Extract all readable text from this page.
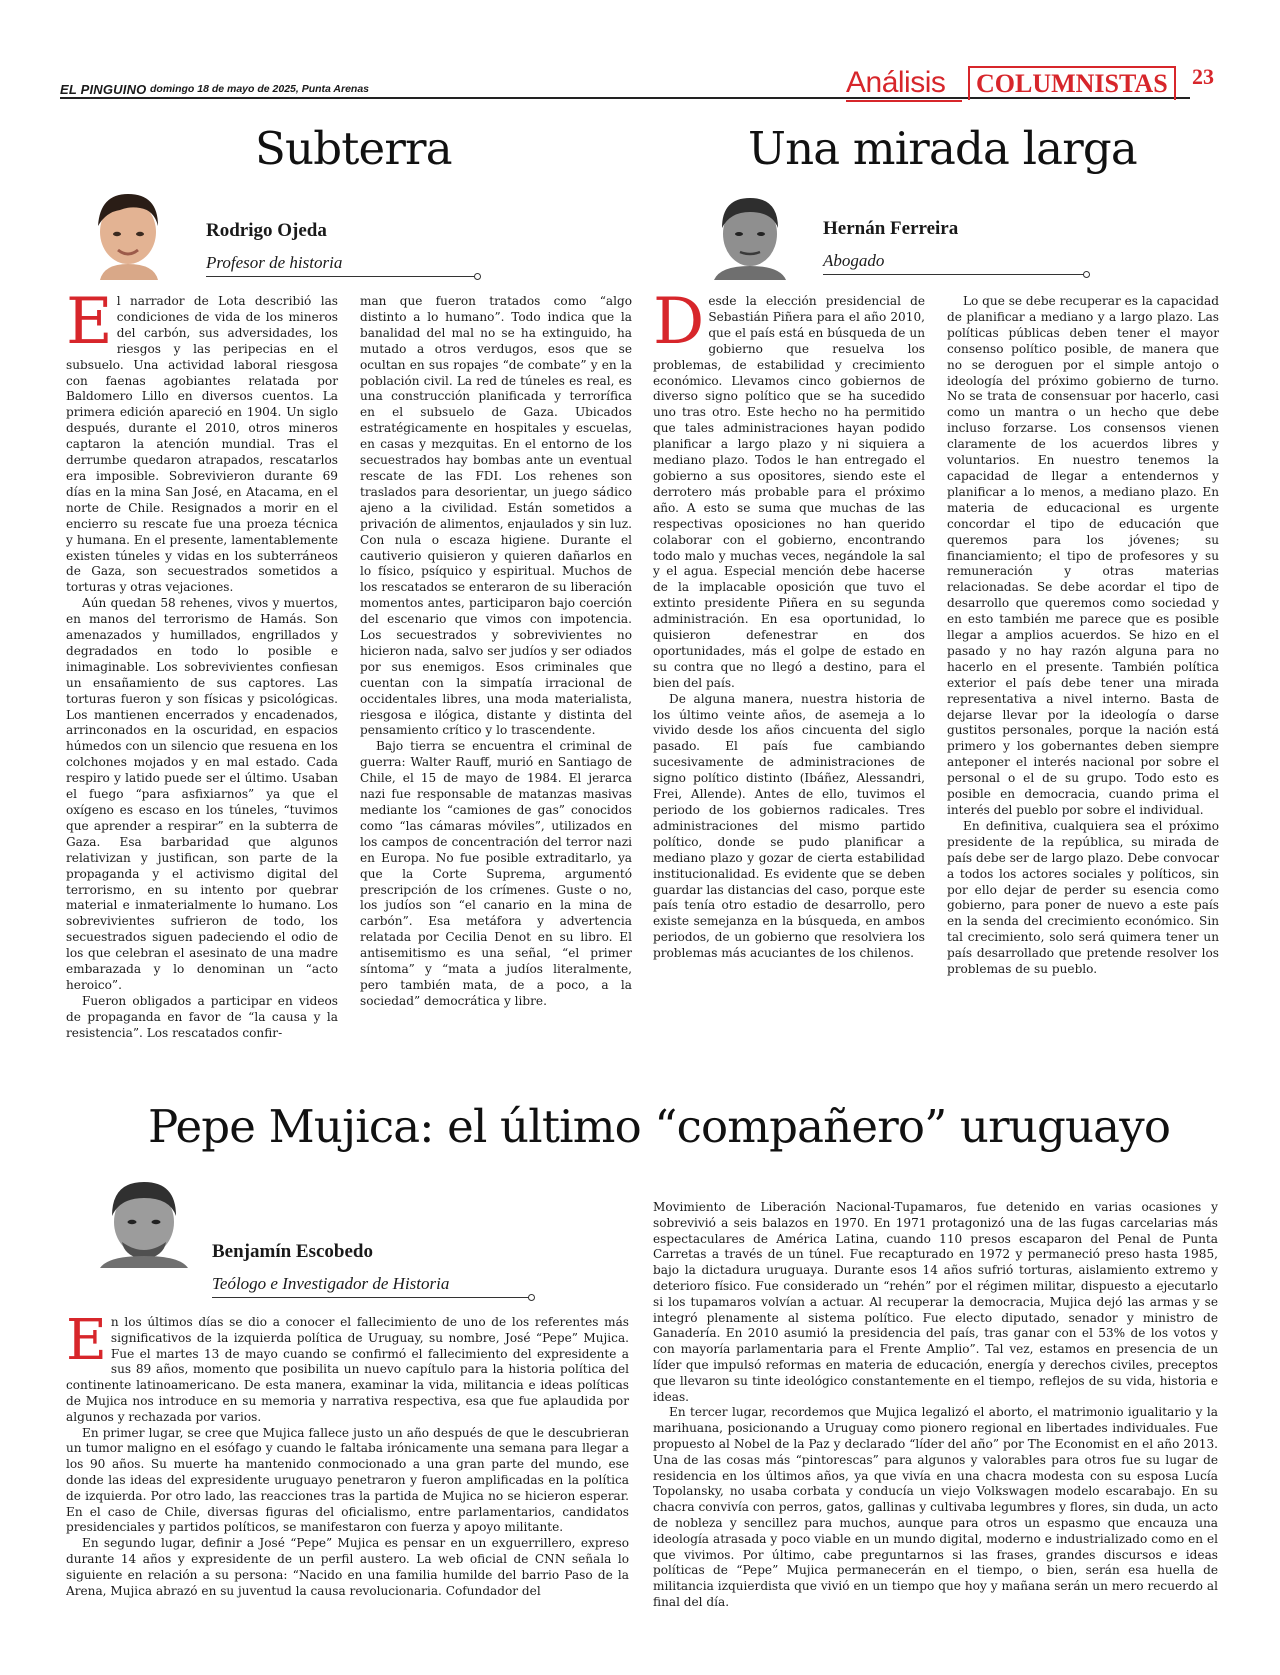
EL PINGUINO domingo 18 de mayo de 2025, Punta Arenas	Análisis	COLUMNISTAS	23
Subterra
Rodrigo Ojeda
Profesor de historia

El narrador de Lota describió las condiciones de vida de los mineros del carbón, sus adversidades, los riesgos y las peripecias en el subsuelo. Una actividad laboral riesgosa con faenas agobiantes relatada por Baldomero Lillo en diversos cuentos. La primera edición apareció en 1904. Un siglo después, durante el 2010, otros mineros captaron la atención mundial. Tras el derrumbe quedaron atrapados, rescatarlos era imposible. Sobrevivieron durante 69 días en la mina San José, en Atacama, en el norte de Chile. Resignados a morir en el encierro su rescate fue una proeza técnica y humana. En el presente, lamentablemente existen túneles y vidas en los subterráneos de Gaza, son secuestrados sometidos a torturas y otras vejaciones.

Aún quedan 58 rehenes, vivos y muertos, en manos del terrorismo de Hamás. Son amenazados y humillados, engrillados y degradados en todo lo posible e inimaginable. Los sobrevivientes confiesan un ensañamiento de sus captores. Las torturas fueron y son físicas y psicológicas. Los mantienen encerrados y encadenados, arrinconados en la oscuridad, en espacios húmedos con un silencio que resuena en los colchones mojados y en mal estado. Cada respiro y latido puede ser el último. Usaban el fuego “para asfixiarnos” ya que el oxígeno es escaso en los túneles, “tuvimos que aprender a respirar” en la subterra de Gaza. Esa barbaridad que algunos relativizan y justifican, son parte de la propaganda y el activismo digital del terrorismo, en su intento por quebrar material e inmaterialmente lo humano. Los sobrevivientes sufrieron de todo, los secuestrados siguen padeciendo el odio de los que celebran el asesinato de una madre embarazada y lo denominan un “acto heroico”.

Fueron obligados a participar en videos de propaganda en favor de “la causa y la resistencia”. Los rescatados confir-

man que fueron tratados como “algo distinto a lo humano”. Todo indica que la banalidad del mal no se ha extinguido, ha mutado a otros verdugos, esos que se ocultan en sus ropajes “de combate” y en la población civil. La red de túneles es real, es una construcción planificada y terrorífica en el subsuelo de Gaza. Ubicados estratégicamente en hospitales y escuelas, en casas y mezquitas. En el entorno de los secuestrados hay bombas ante un eventual rescate de las FDI. Los rehenes son traslados para desorientar, un juego sádico ajeno a la civilidad. Están sometidos a privación de alimentos, enjaulados y sin luz. Con nula o escaza higiene. Durante el cautiverio quisieron y quieren dañarlos en lo físico, psíquico y espiritual. Muchos de los rescatados se enteraron de su liberación momentos antes, participaron bajo coerción del escenario que vimos con impotencia. Los secuestrados y sobrevivientes no hicieron nada, salvo ser judíos y ser odiados por sus enemigos. Esos criminales que cuentan con la simpatía irracional de occidentales libres, una moda materialista, riesgosa e ilógica, distante y distinta del pensamiento crítico y lo trascendente.

Bajo tierra se encuentra el criminal de guerra: Walter Rauff, murió en Santiago de Chile, el 15 de mayo de 1984. El jerarca nazi fue responsable de matanzas masivas mediante los “camiones de gas” conocidos como “las cámaras móviles”, utilizados en los campos de concentración del terror nazi en Europa. No fue posible extraditarlo, ya que la Corte Suprema, argumentó prescripción de los crímenes. Guste o no, los judíos son “el canario en la mina de carbón”. Esa metáfora y advertencia relatada por Cecilia Denot en su libro. El antisemitismo es una señal, “el primer síntoma” y “mata a judíos literalmente, pero también mata, de a poco, a la sociedad” democrática y libre.

Una mirada larga
Hernán Ferreira
Abogado

Desde la elección presidencial de Sebastián Piñera para el año 2010, que el país está en búsqueda de un gobierno que resuelva los problemas, de estabilidad y crecimiento económico. Llevamos cinco gobiernos de diverso signo político que se ha sucedido uno tras otro. Este hecho no ha permitido que tales administraciones hayan podido planificar a largo plazo y ni siquiera a mediano plazo. Todos le han entregado el gobierno a sus opositores, siendo este el derrotero más probable para el próximo año. A esto se suma que muchas de las respectivas oposiciones no han querido colaborar con el gobierno, encontrando todo malo y muchas veces, negándole la sal y el agua. Especial mención debe hacerse de la implacable oposición que tuvo el extinto presidente Piñera en su segunda administración. En esa oportunidad, lo quisieron defenestrar en dos oportunidades, más el golpe de estado en su contra que no llegó a destino, para el bien del país.

De alguna manera, nuestra historia de los último veinte años, de asemeja a lo vivido desde los años cincuenta del siglo pasado. El país fue cambiando sucesivamente de administraciones de signo político distinto (Ibáñez, Alessandri, Frei, Allende). Antes de ello, tuvimos el periodo de los gobiernos radicales. Tres administraciones del mismo partido político, donde se pudo planificar a mediano plazo y gozar de cierta estabilidad institucionalidad. Es evidente que se deben guardar las distancias del caso, porque este país tenía otro estadio de desarrollo, pero existe semejanza en la búsqueda, en ambos periodos, de un gobierno que resolviera los problemas más acuciantes de los chilenos.

Lo que se debe recuperar es la capacidad de planificar a mediano y a largo plazo. Las políticas públicas deben tener el mayor consenso político posible, de manera que no se deroguen por el simple antojo o ideología del próximo gobierno de turno. No se trata de consensuar por hacerlo, casi como un mantra o un hecho que debe incluso forzarse. Los consensos vienen claramente de los acuerdos libres y voluntarios. En nuestro tenemos la capacidad de llegar a entendernos y planificar a lo menos, a mediano plazo. En materia de educacional es urgente concordar el tipo de educación que queremos para los jóvenes; su financiamiento; el tipo de profesores y su remuneración y otras materias relacionadas. Se debe acordar el tipo de desarrollo que queremos como sociedad y en esto también me parece que es posible llegar a amplios acuerdos. Se hizo en el pasado y no hay razón alguna para no hacerlo en el presente. También política exterior el país debe tener una mirada representativa a nivel interno. Basta de dejarse llevar por la ideología o darse gustitos personales, porque la nación está primero y los gobernantes deben siempre anteponer el interés nacional por sobre el personal o el de su grupo. Todo esto es posible en democracia, cuando prima el interés del pueblo por sobre el individual.

En definitiva, cualquiera sea el próximo presidente de la república, su mirada de país debe ser de largo plazo. Debe convocar a todos los actores sociales y políticos, sin por ello dejar de perder su esencia como gobierno, para poner de nuevo a este país en la senda del crecimiento económico. Sin tal crecimiento, solo será quimera tener un país desarrollado que pretende resolver los problemas de su pueblo.

Pepe Mujica: el último “compañero” uruguayo
Benjamín Escobedo
Teólogo e Investigador de Historia

En los últimos días se dio a conocer el fallecimiento de uno de los referentes más significativos de la izquierda política de Uruguay, su nombre, José “Pepe” Mujica. Fue el martes 13 de mayo cuando se confirmó el fallecimiento del expresidente a sus 89 años, momento que posibilita un nuevo capítulo para la historia política del continente latinoamericano. De esta manera, examinar la vida, militancia e ideas políticas de Mujica nos introduce en su memoria y narrativa respectiva, esa que fue aplaudida por algunos y rechazada por varios.

En primer lugar, se cree que Mujica fallece justo un año después de que le descubrieran un tumor maligno en el esófago y cuando le faltaba irónicamente una semana para llegar a los 90 años. Su muerte ha mantenido conmocionado a una gran parte del mundo, ese donde las ideas del expresidente uruguayo penetraron y fueron amplificadas en la política de izquierda. Por otro lado, las reacciones tras la partida de Mujica no se hicieron esperar. En el caso de Chile, diversas figuras del oficialismo, entre parlamentarios, candidatos presidenciales y partidos políticos, se manifestaron con fuerza y apoyo militante.

En segundo lugar, definir a José “Pepe” Mujica es pensar en un exguerrillero, expreso durante 14 años y expresidente de un perfil austero. La web oficial de CNN señala lo siguiente en relación a su persona: “Nacido en una familia humilde del barrio Paso de la Arena, Mujica abrazó en su juventud la causa revolucionaria. Cofundador del

Movimiento de Liberación Nacional-Tupamaros, fue detenido en varias ocasiones y sobrevivió a seis balazos en 1970. En 1971 protagonizó una de las fugas carcelarias más espectaculares de América Latina, cuando 110 presos escaparon del Penal de Punta Carretas a través de un túnel. Fue recapturado en 1972 y permaneció preso hasta 1985, bajo la dictadura uruguaya. Durante esos 14 años sufrió torturas, aislamiento extremo y deterioro físico. Fue considerado un “rehén” por el régimen militar, dispuesto a ejecutarlo si los tupamaros volvían a actuar. Al recuperar la democracia, Mujica dejó las armas y se integró plenamente al sistema político. Fue electo diputado, senador y ministro de Ganadería. En 2010 asumió la presidencia del país, tras ganar con el 53% de los votos y con mayoría parlamentaria para el Frente Amplio”. Tal vez, estamos en presencia de un líder que impulsó reformas en materia de educación, energía y derechos civiles, preceptos que llevaron su tinte ideológico constantemente en el tiempo, reflejos de su vida, historia e ideas.

En tercer lugar, recordemos que Mujica legalizó el aborto, el matrimonio igualitario y la marihuana, posicionando a Uruguay como pionero regional en libertades individuales. Fue propuesto al Nobel de la Paz y declarado “líder del año” por The Economist en el año 2013. Una de las cosas más “pintorescas” para algunos y valorables para otros fue su lugar de residencia en los últimos años, ya que vivía en una chacra modesta con su esposa Lucía Topolansky, no usaba corbata y conducía un viejo Volkswagen modelo escarabajo. En su chacra convivía con perros, gatos, gallinas y cultivaba legumbres y flores, sin duda, un acto de nobleza y sencillez para muchos, aunque para otros un espasmo que encauza una ideología atrasada y poco viable en un mundo digital, moderno e industrializado como en el que vivimos. Por último, cabe preguntarnos si las frases, grandes discursos e ideas políticas de “Pepe” Mujica permanecerán en el tiempo, o bien, serán esa huella de militancia izquierdista que vivió en un tiempo que hoy y mañana serán un mero recuerdo al final del día.
